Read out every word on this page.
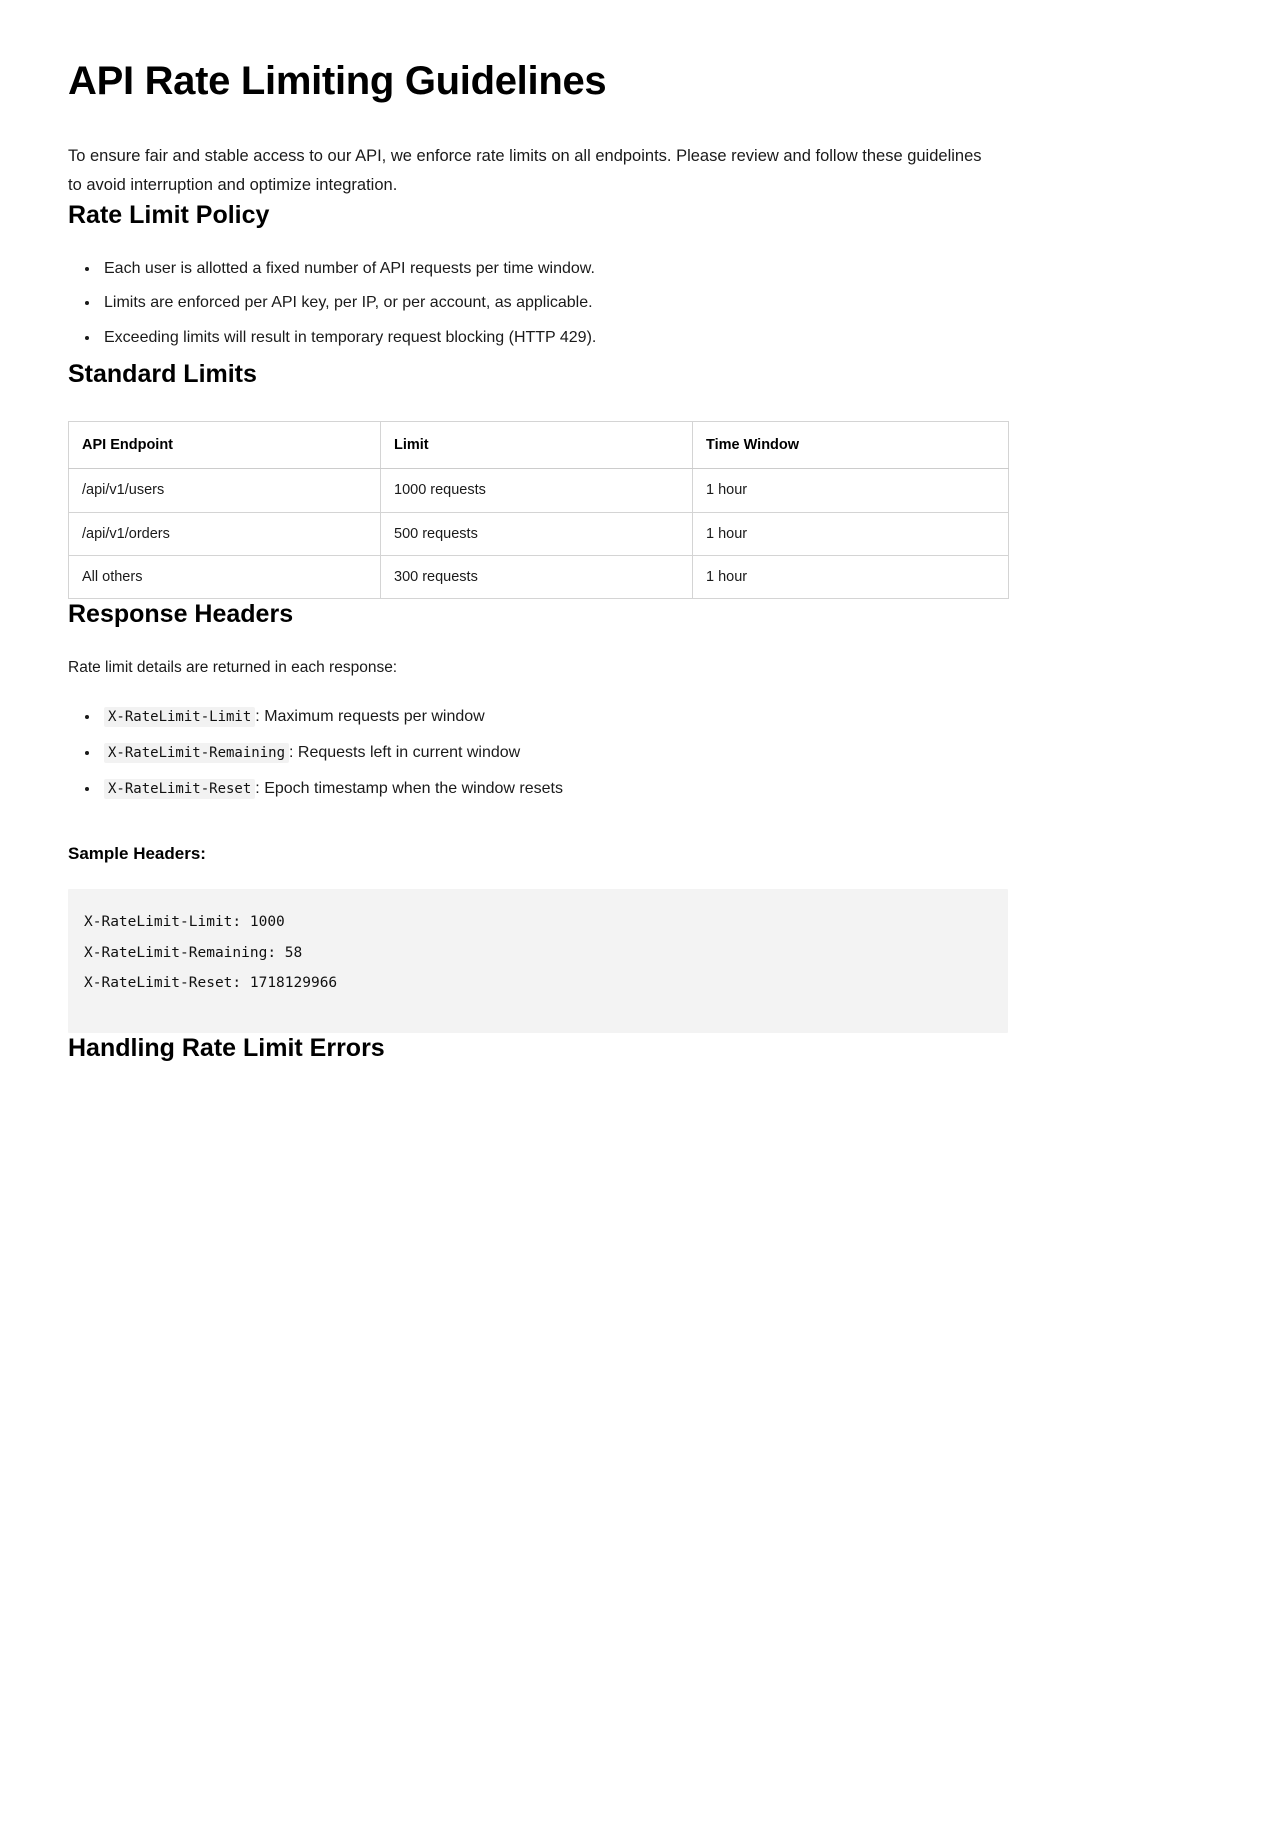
API Rate Limiting Guidelines

To ensure fair and stable access to our API, we enforce rate limits on all endpoints. Please review and follow these guidelines to avoid interruption and optimize integration.

Rate Limit Policy
• Each user is allotted a fixed number of API requests per time window.
• Limits are enforced per API key, per IP, or per account, as applicable.
• Exceeding limits will result in temporary request blocking (HTTP 429).
Standard Limits
API Endpoint	Limit	Time Window
/api/v1/users	1000 requests	1 hour
/api/v1/orders	500 requests	1 hour
All others	300 requests	1 hour
Response Headers

Rate limit details are returned in each response:

• X-RateLimit-Limit : Maximum requests per window
• X-RateLimit-Remaining : Requests left in current window
• X-RateLimit-Reset : Epoch timestamp when the window resets
Sample Headers:
X-RateLimit-Limit: 1000
X-RateLimit-Remaining: 58
X-RateLimit-Reset: 1718129966
Handling Rate Limit Errors
